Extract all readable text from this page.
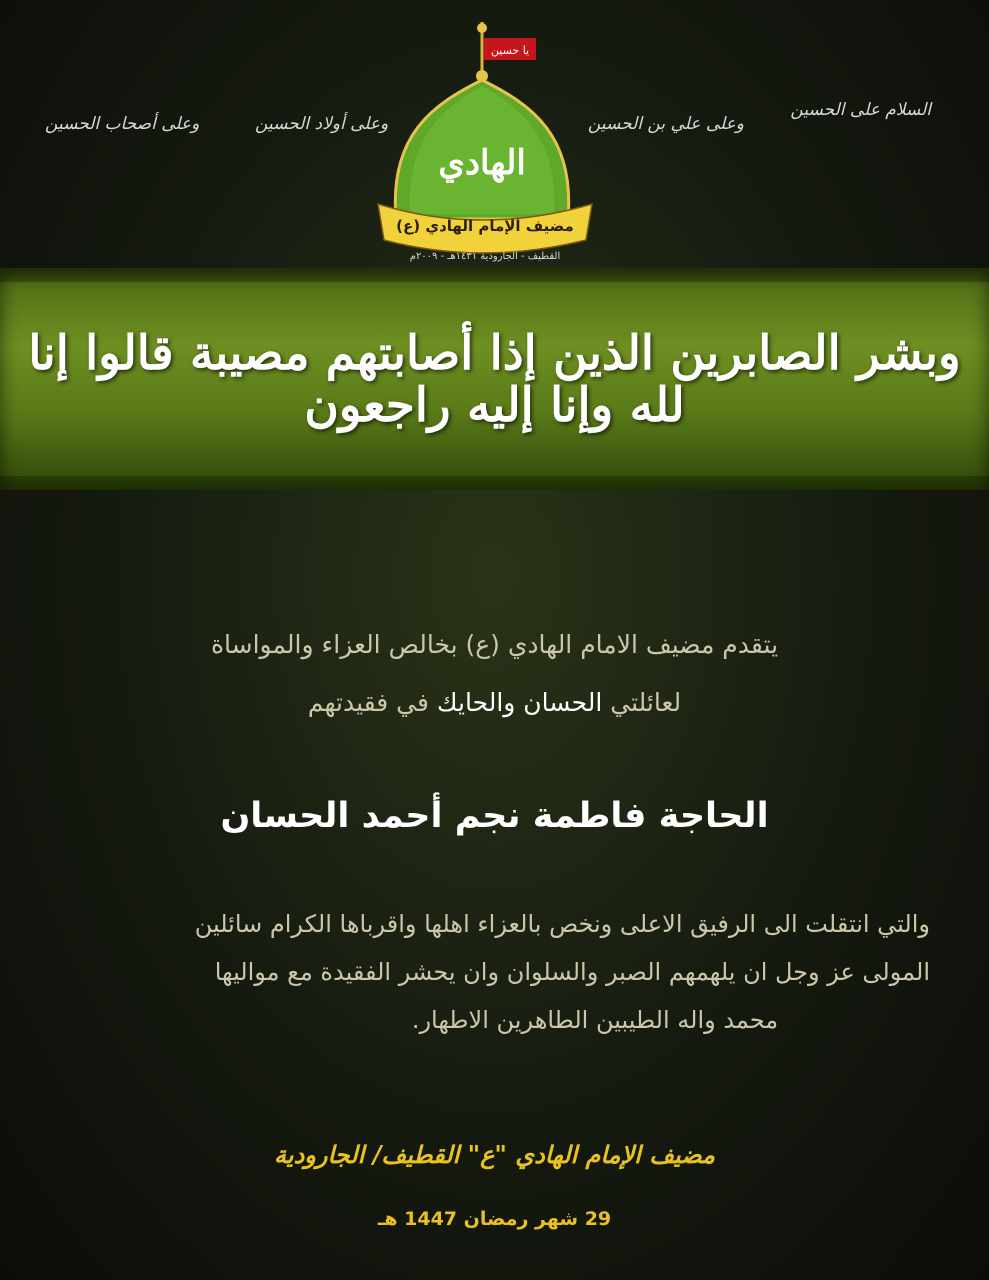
السلام على الحسين
وعلى علي بن الحسين
وعلى أولاد الحسين
وعلى أصحاب الحسين
يا حسين
الهادي
مضيف الإمام الهادي (ع)
القطيف - الجارودية ١٤٣١هـ - ٢٠٠٩م
وبشر الصابرين الذين إذا أصابتهم مصيبة قالوا إنا لله وإنا إليه راجعون
يتقدم مضيف الامام الهادي (ع) بخالص العزاء والمواساة
لعائلتي الحسان والحايك في فقيدتهم
الحاجة فاطمة نجم أحمد الحسان
والتي انتقلت الى الرفيق الاعلى ونخص بالعزاء اهلها واقرباها الكرام سائلين
المولى عز وجل ان يلهمهم الصبر والسلوان وان يحشر الفقيدة مع مواليها
محمد واله الطيبين الطاهرين الاطهار.
مضيف الإمام الهادي "ع" القطيف/ الجارودية
29 شهر رمضان 1447 هـ
